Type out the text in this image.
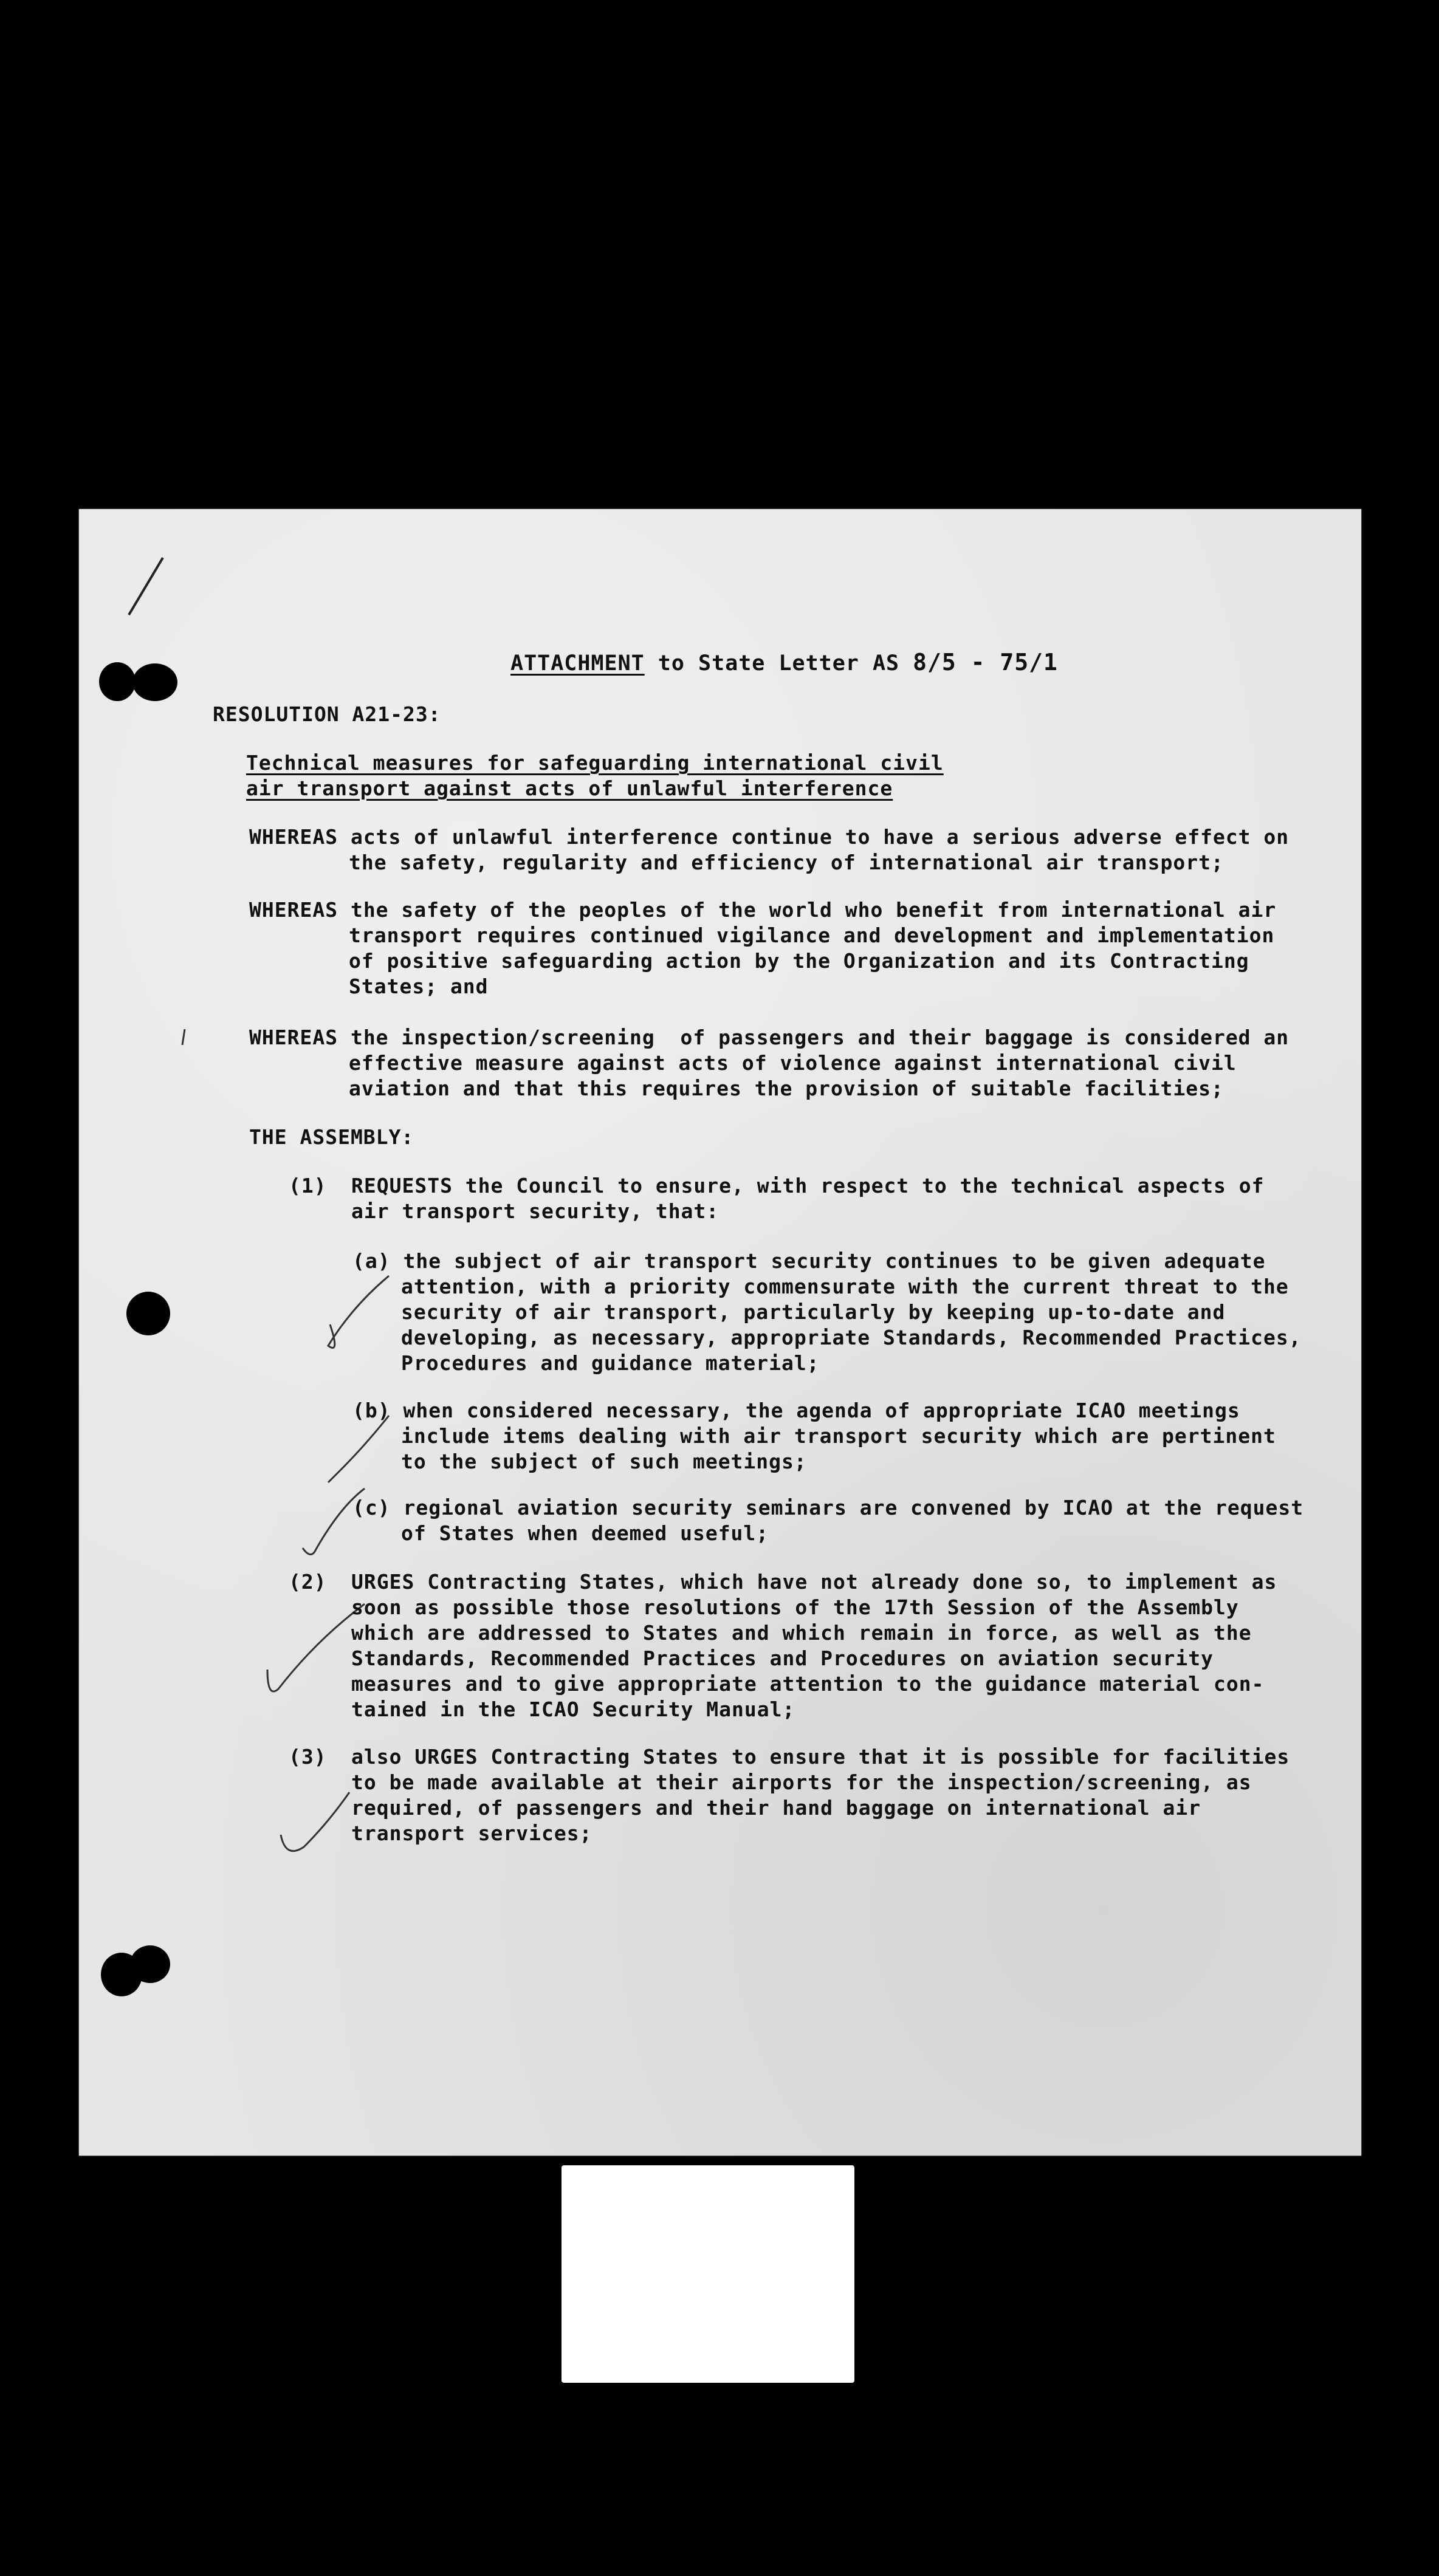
ATTACHMENT to State Letter AS 8/5 - 75/1
RESOLUTION A21-23:
Technical measures for safeguarding international civil
air transport against acts of unlawful interference
WHEREAS acts of unlawful interference continue to have a serious adverse effect on
the safety, regularity and efficiency of international air transport;
WHEREAS the safety of the peoples of the world who benefit from international air
transport requires continued vigilance and development and implementation
of positive safeguarding action by the Organization and its Contracting
States; and
WHEREAS the inspection/screening  of passengers and their baggage is considered an
effective measure against acts of violence against international civil
aviation and that this requires the provision of suitable facilities;
THE ASSEMBLY:
(1) REQUESTS the Council to ensure, with respect to the technical aspects of
air transport security, that:
(a) the subject of air transport security continues to be given adequate
attention, with a priority commensurate with the current threat to the
security of air transport, particularly by keeping up-to-date and
developing, as necessary, appropriate Standards, Recommended Practices,
Procedures and guidance material;
(b) when considered necessary, the agenda of appropriate ICAO meetings
include items dealing with air transport security which are pertinent
to the subject of such meetings;
(c) regional aviation security seminars are convened by ICAO at the request
of States when deemed useful;
(2) URGES Contracting States, which have not already done so, to implement as
soon as possible those resolutions of the 17th Session of the Assembly
which are addressed to States and which remain in force, as well as the
Standards, Recommended Practices and Procedures on aviation security
measures and to give appropriate attention to the guidance material con-
tained in the ICAO Security Manual;
(3) also URGES Contracting States to ensure that it is possible for facilities
to be made available at their airports for the inspection/screening, as
required, of passengers and their hand baggage on international air
transport services;
